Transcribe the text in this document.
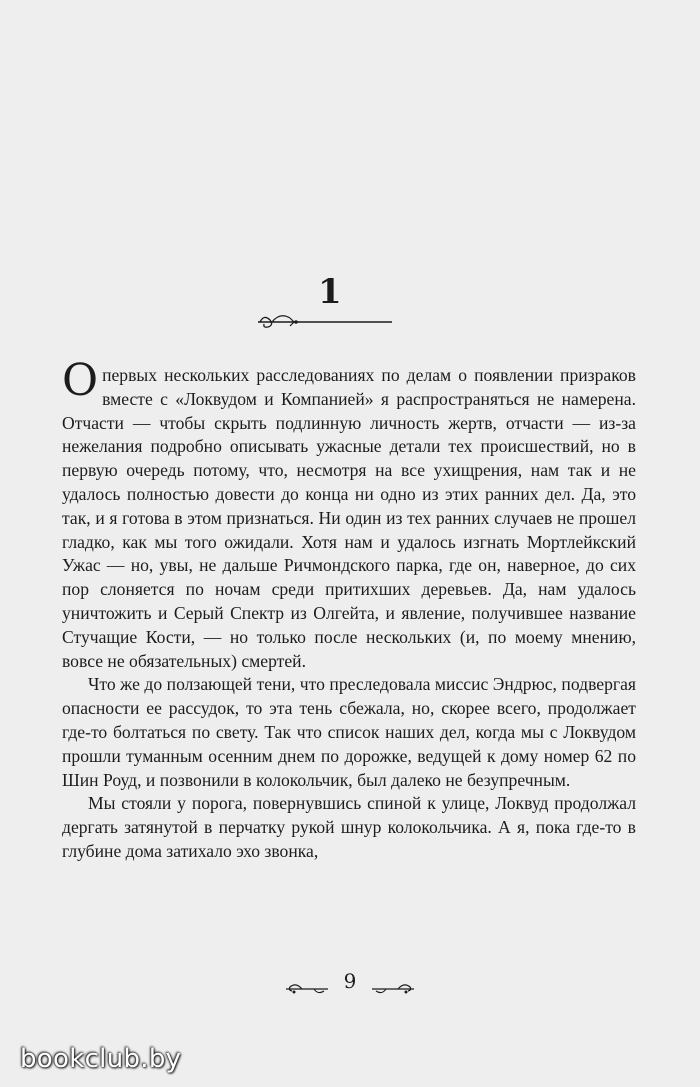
1

Опервых нескольких расследованиях по делам о появлении призраков вместе с «Локвудом и Компанией» я распространяться не намерена. Отчасти — чтобы скрыть подлинную личность жертв, отчасти — из-за нежелания подробно описывать ужасные детали тех происшествий, но в первую очередь потому, что, несмотря на все ухищрения, нам так и не удалось полностью довести до конца ни одно из этих ранних дел. Да, это так, и я готова в этом признаться. Ни один из тех ранних случаев не прошел гладко, как мы того ожидали. Хотя нам и удалось изгнать Мортлейкский Ужас — но, увы, не дальше Ричмондского парка, где он, наверное, до сих пор слоняется по ночам среди притихших деревьев. Да, нам удалось уничтожить и Серый Спектр из Олгейта, и явление, получившее название Стучащие Кости, — но только после нескольких (и, по моему мнению, вовсе не обязательных) смертей.

Что же до ползающей тени, что преследовала миссис Эндрюс, подвергая опасности ее рассудок, то эта тень сбежала, но, скорее всего, продолжает где-то болтаться по свету. Так что список наших дел, когда мы с Локвудом прошли туманным осенним днем по дорожке, ведущей к дому номер 62 по Шин Роуд, и позвонили в колокольчик, был далеко не безупречным.

Мы стояли у порога, повернувшись спиной к улице, Локвуд продолжал дергать затянутой в перчатку рукой шнур колокольчика. А я, пока где-то в глубине дома затихало эхо звонка,

9
bookclub.by
